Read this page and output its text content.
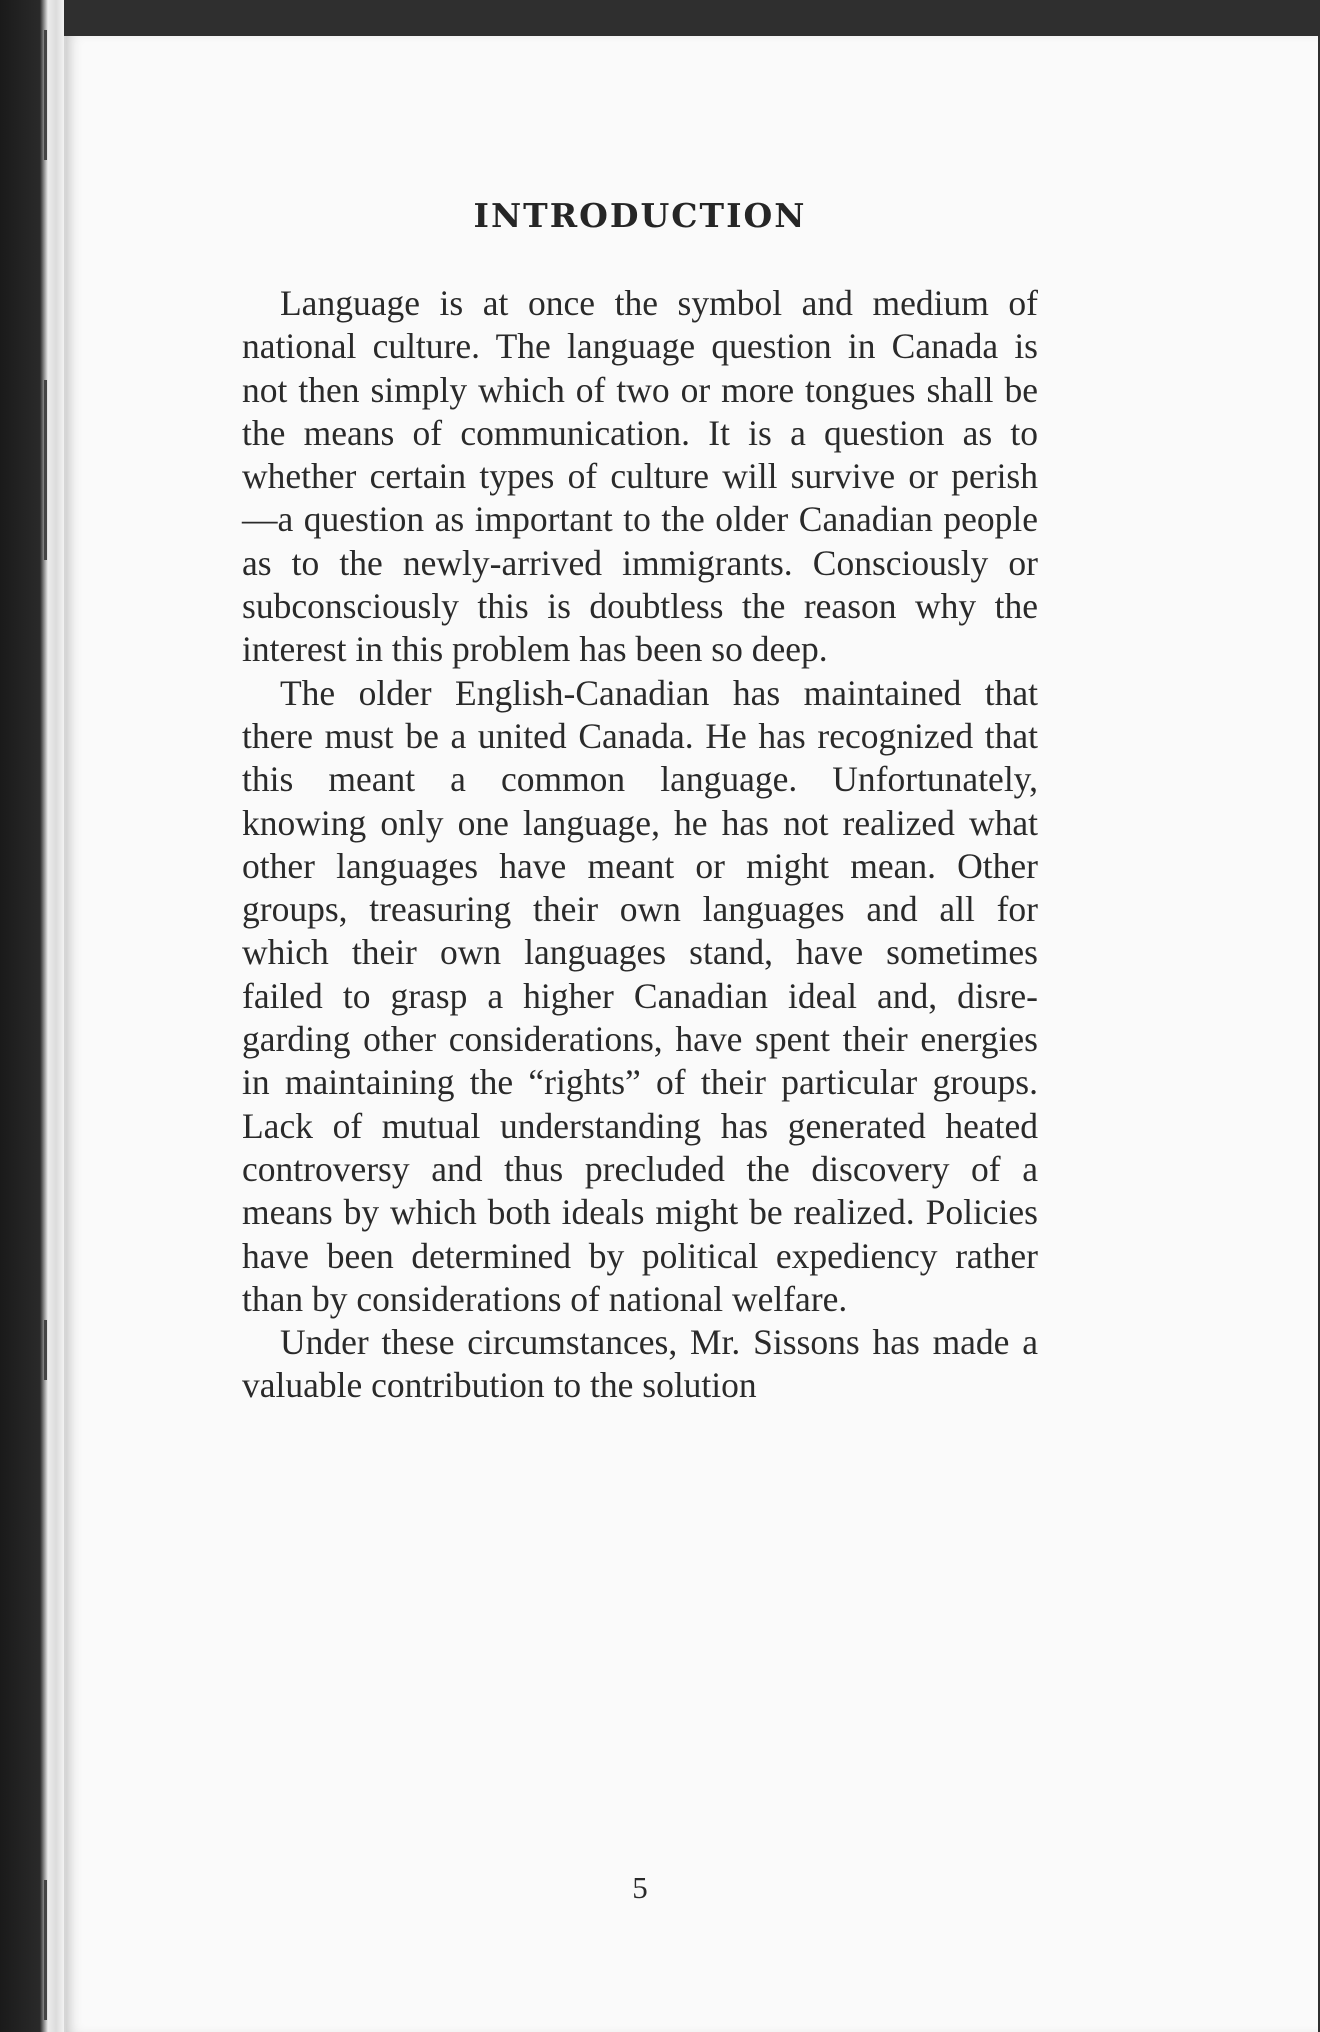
INTRODUCTION

Language is at once the symbol and medium of national culture. The language question in Canada is not then simply which of two or more tongues shall be the means of communication. It is a question as to whether certain types of culture will survive or perish—a question as important to the older Canadian people as to the newly-arrived immigrants. Consciously or subconsciously this is doubtless the reason why the interest in this problem has been so deep.

The older English-Canadian has maintained that there must be a united Canada. He has recognized that this meant a common language. Unfortunately, knowing only one language, he has not realized what other languages have meant or might mean. Other groups, treasuring their own languages and all for which their own languages stand, have sometimes failed to grasp a higher Canadian ideal and, disregarding other considerations, have spent their energies in maintaining the “rights” of their particular groups. Lack of mutual understanding has generated heated controversy and thus precluded the discovery of a means by which both ideals might be realized. Policies have been determined by political expediency rather than by considerations of national welfare.

Under these circumstances, Mr. Sissons has made a valuable contribution to the solution

5
